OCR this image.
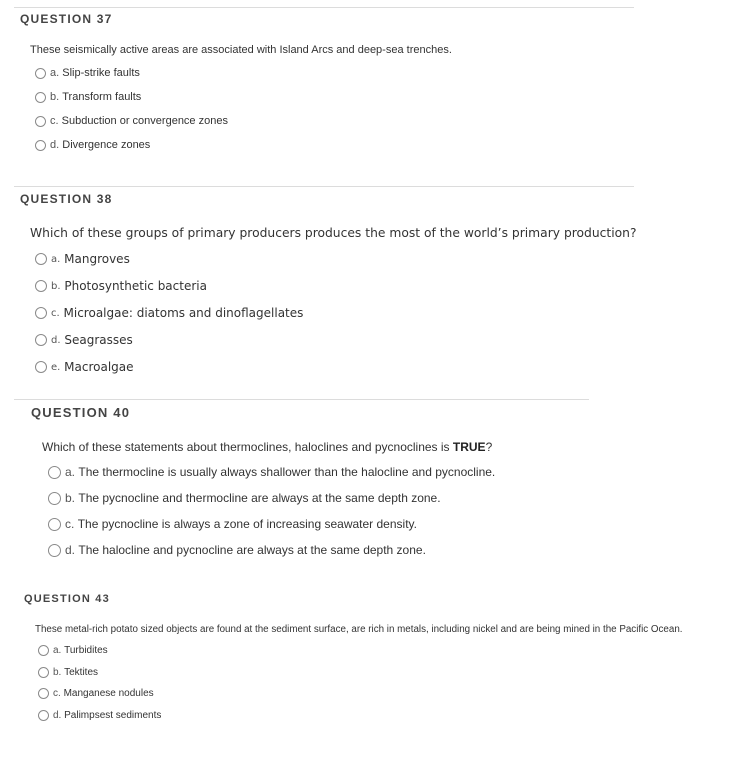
QUESTION 37
These seismically active areas are associated with Island Arcs and deep-sea trenches.
a.
Slip-strike faults
b.
Transform faults
c.
Subduction or convergence zones
d.
Divergence zones
QUESTION 38
Which of these groups of primary producers produces the most of the world’s primary production?
a.
Mangroves
b.
Photosynthetic bacteria
c.
Microalgae: diatoms and dinoflagellates
d.
Seagrasses
e.
Macroalgae
QUESTION 40
Which of these statements about thermoclines, haloclines and pycnoclines is TRUE?
a.
The thermocline is usually always shallower than the halocline and pycnocline.
b.
The pycnocline and thermocline are always at the same depth zone.
c.
The pycnocline is always a zone of increasing seawater density.
d.
The halocline and pycnocline are always at the same depth zone.
QUESTION 43
These metal-rich potato sized objects are found at the sediment surface, are rich in metals, including nickel and are being mined in the Pacific Ocean.
a.
Turbidites
b.
Tektites
c.
Manganese nodules
d.
Palimpsest sediments
